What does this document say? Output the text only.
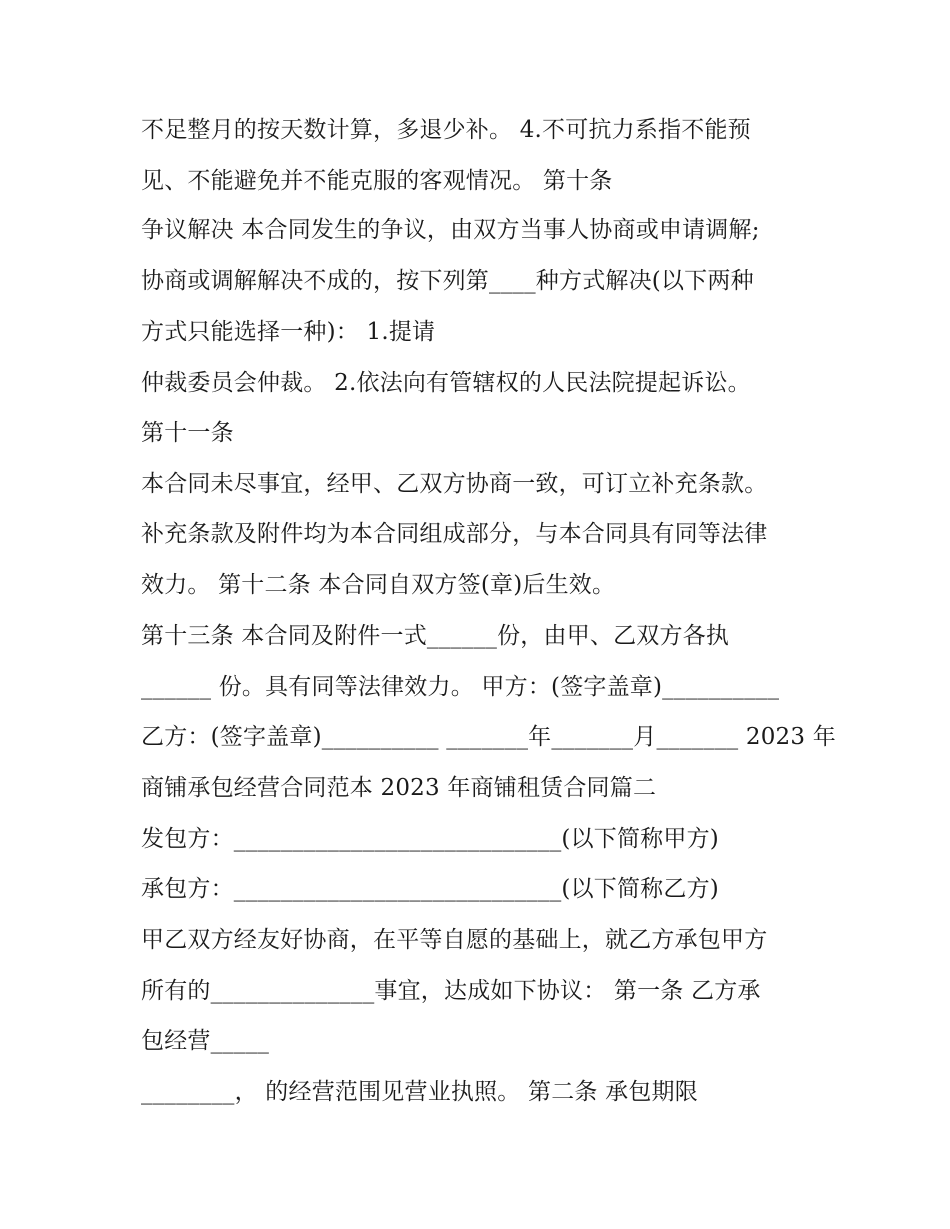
不足整月的按天数计算，多退少补。 4.不可抗力系指不能预

见、不能避免并不能克服的客观情况。 第十条

争议解决 本合同发生的争议，由双方当事人协商或申请调解;

协商或调解解决不成的，按下列第____种方式解决(以下两种

方式只能选择一种)： 1.提请

仲裁委员会仲裁。 2.依法向有管辖权的人民法院提起诉讼。

第十一条

本合同未尽事宜，经甲、乙双方协商一致，可订立补充条款。

补充条款及附件均为本合同组成部分，与本合同具有同等法律

效力。 第十二条 本合同自双方签(章)后生效。

第十三条 本合同及附件一式______份，由甲、乙双方各执

______ 份。具有同等法律效力。 甲方：(签字盖章)__________

乙方：(签字盖章)__________ _______年_______月_______ 2023 年

商铺承包经营合同范本 2023 年商铺租赁合同篇二

发包方：____________________________(以下简称甲方)

承包方：____________________________(以下简称乙方)

甲乙双方经友好协商，在平等自愿的基础上，就乙方承包甲方

所有的______________事宜，达成如下协议： 第一条 乙方承

包经营_____

________， 的经营范围见营业执照。 第二条 承包期限
